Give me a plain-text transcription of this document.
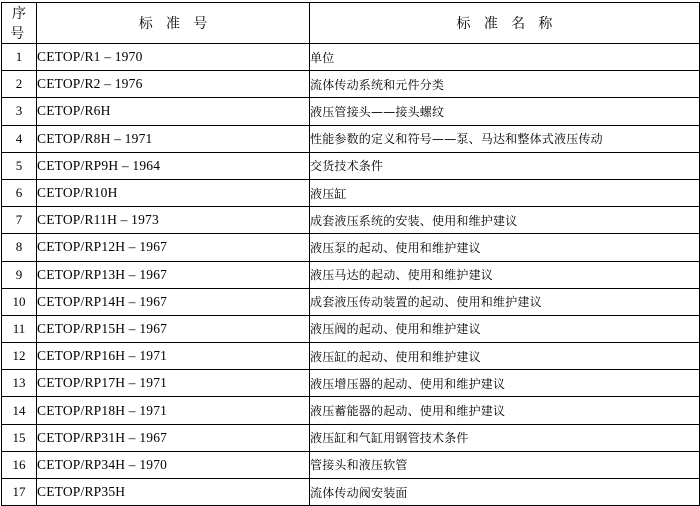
序号	标 准 号	标 准 名 称
1	CETOP/R1 – 1970	单位
2	CETOP/R2 – 1976	流体传动系统和元件分类
3	CETOP/R6H	液压管接头——接头螺纹
4	CETOP/R8H – 1971	性能参数的定义和符号——泵、马达和整体式液压传动
5	CETOP/RP9H – 1964	交货技术条件
6	CETOP/R10H	液压缸
7	CETOP/R11H – 1973	成套液压系统的安装、使用和维护建议
8	CETOP/RP12H – 1967	液压泵的起动、使用和维护建议
9	CETOP/RP13H – 1967	液压马达的起动、使用和维护建议
10	CETOP/RP14H – 1967	成套液压传动装置的起动、使用和维护建议
11	CETOP/RP15H – 1967	液压阀的起动、使用和维护建议
12	CETOP/RP16H – 1971	液压缸的起动、使用和维护建议
13	CETOP/RP17H – 1971	液压增压器的起动、使用和维护建议
14	CETOP/RP18H – 1971	液压蓄能器的起动、使用和维护建议
15	CETOP/RP31H – 1967	液压缸和气缸用钢管技术条件
16	CETOP/RP34H – 1970	管接头和液压软管
17	CETOP/RP35H	流体传动阀安装面
